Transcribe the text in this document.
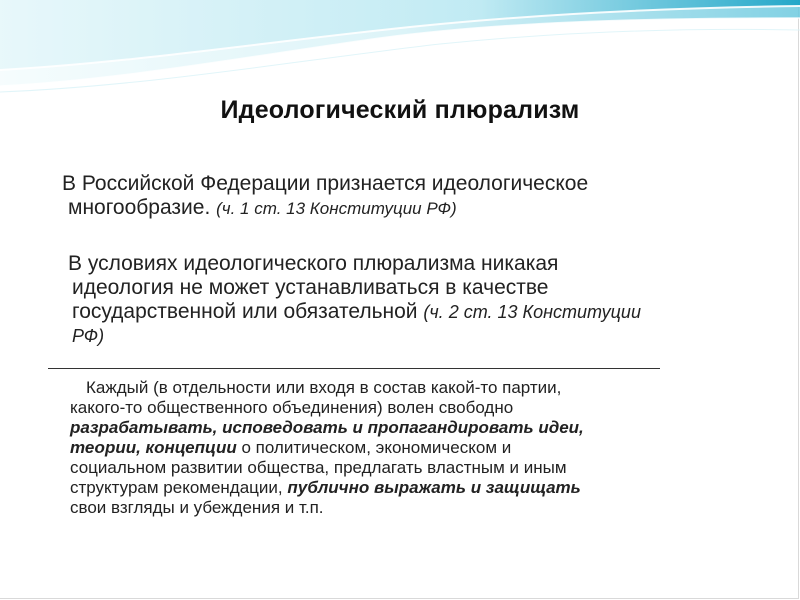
Идеологический плюрализм
В Российской Федерации признается идеологическое
многообразие. (ч. 1 ст. 13 Конституции РФ)
В условиях идеологического плюрализма никакая
идеология не может устанавливаться в качестве
государственной или обязательной (ч. 2 ст. 13 Конституции
РФ)
Каждый (в отдельности или входя в состав какой-то партии,
какого-то общественного объединения) волен свободно
разрабатывать, исповедовать и пропагандировать идеи,
теории, концепции о политическом, экономическом и
социальном развитии общества, предлагать властным и иным
структурам рекомендации, публично выражать и защищать
свои взгляды и убеждения и т.п.
